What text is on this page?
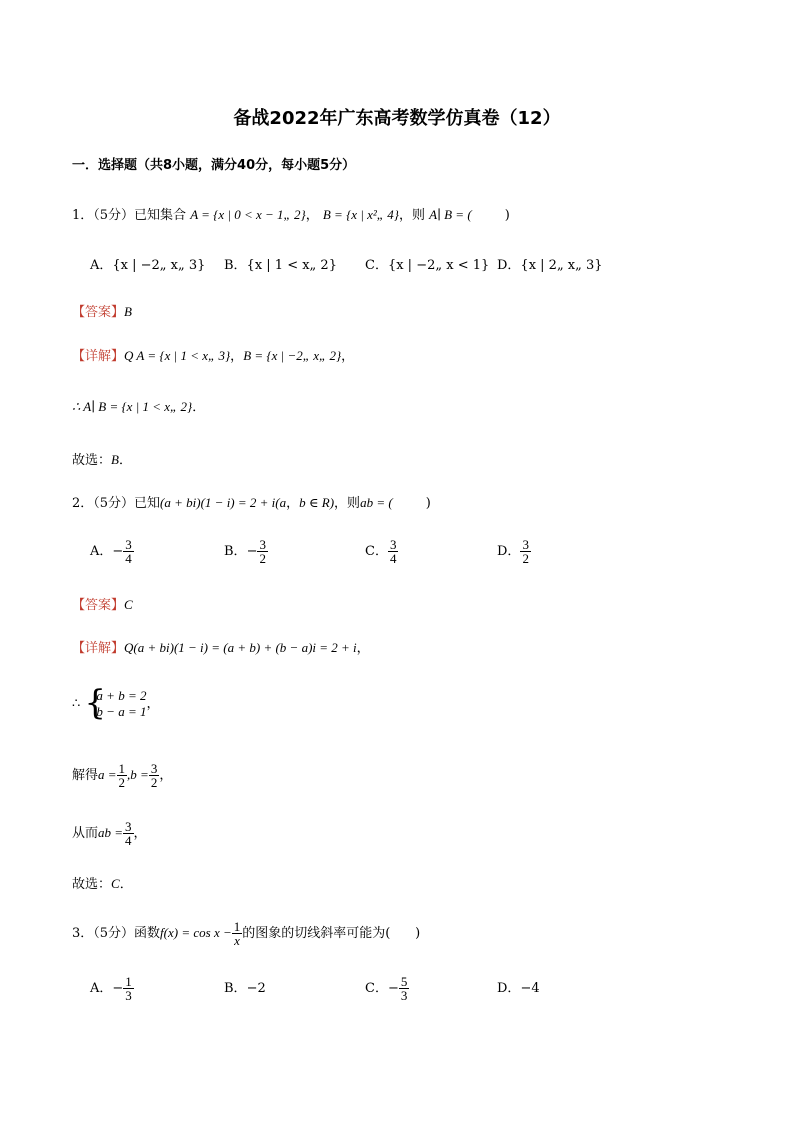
备战2022年广东高考数学仿真卷（12）
一．选择题（共8小题，满分40分，每小题5分）
1．（5分）已知集合 A = {x | 0 < x − 1„ 2}， B = {x | x²„ 4}，则 A∣ B = (	)
A．{x | −2„ x„ 3} B．{x | 1 < x„ 2} C．{x | −2„ x < 1} D．{x | 2„ x„ 3}
【答案】B
【详解】Q A = {x | 1 < x„ 3}，B = {x | −2„ x„ 2}，
∴ A∣ B = {x | 1 < x„ 2}．
故选：B．
2．（5分）已知(a + bi)(1 − i) = 2 + i(a，b ∈ R)，则ab = (	)
A．− $\frac{3}{4}$	B．− $\frac{3}{2}$	C． $\frac{3}{4}$	D． $\frac{3}{2}$
【答案】C
【详解】Q(a + bi)(1 − i) = (a + b) + (b − a)i = 2 + i，
∴ {
a + b = 2
b − a = 1 ，
解得$a = \frac{1}{2} ,b = \frac{3}{2}$ ，
从而ab = $\frac{3}{4}$ ，
故选：C．
3．（5分）函数$f(x) = \cos x - \frac{1}{x}$ 的图象的切线斜率可能为( )
A．− $\frac{1}{3}$	B．−2	C．− $\frac{5}{3}$	D．−4
